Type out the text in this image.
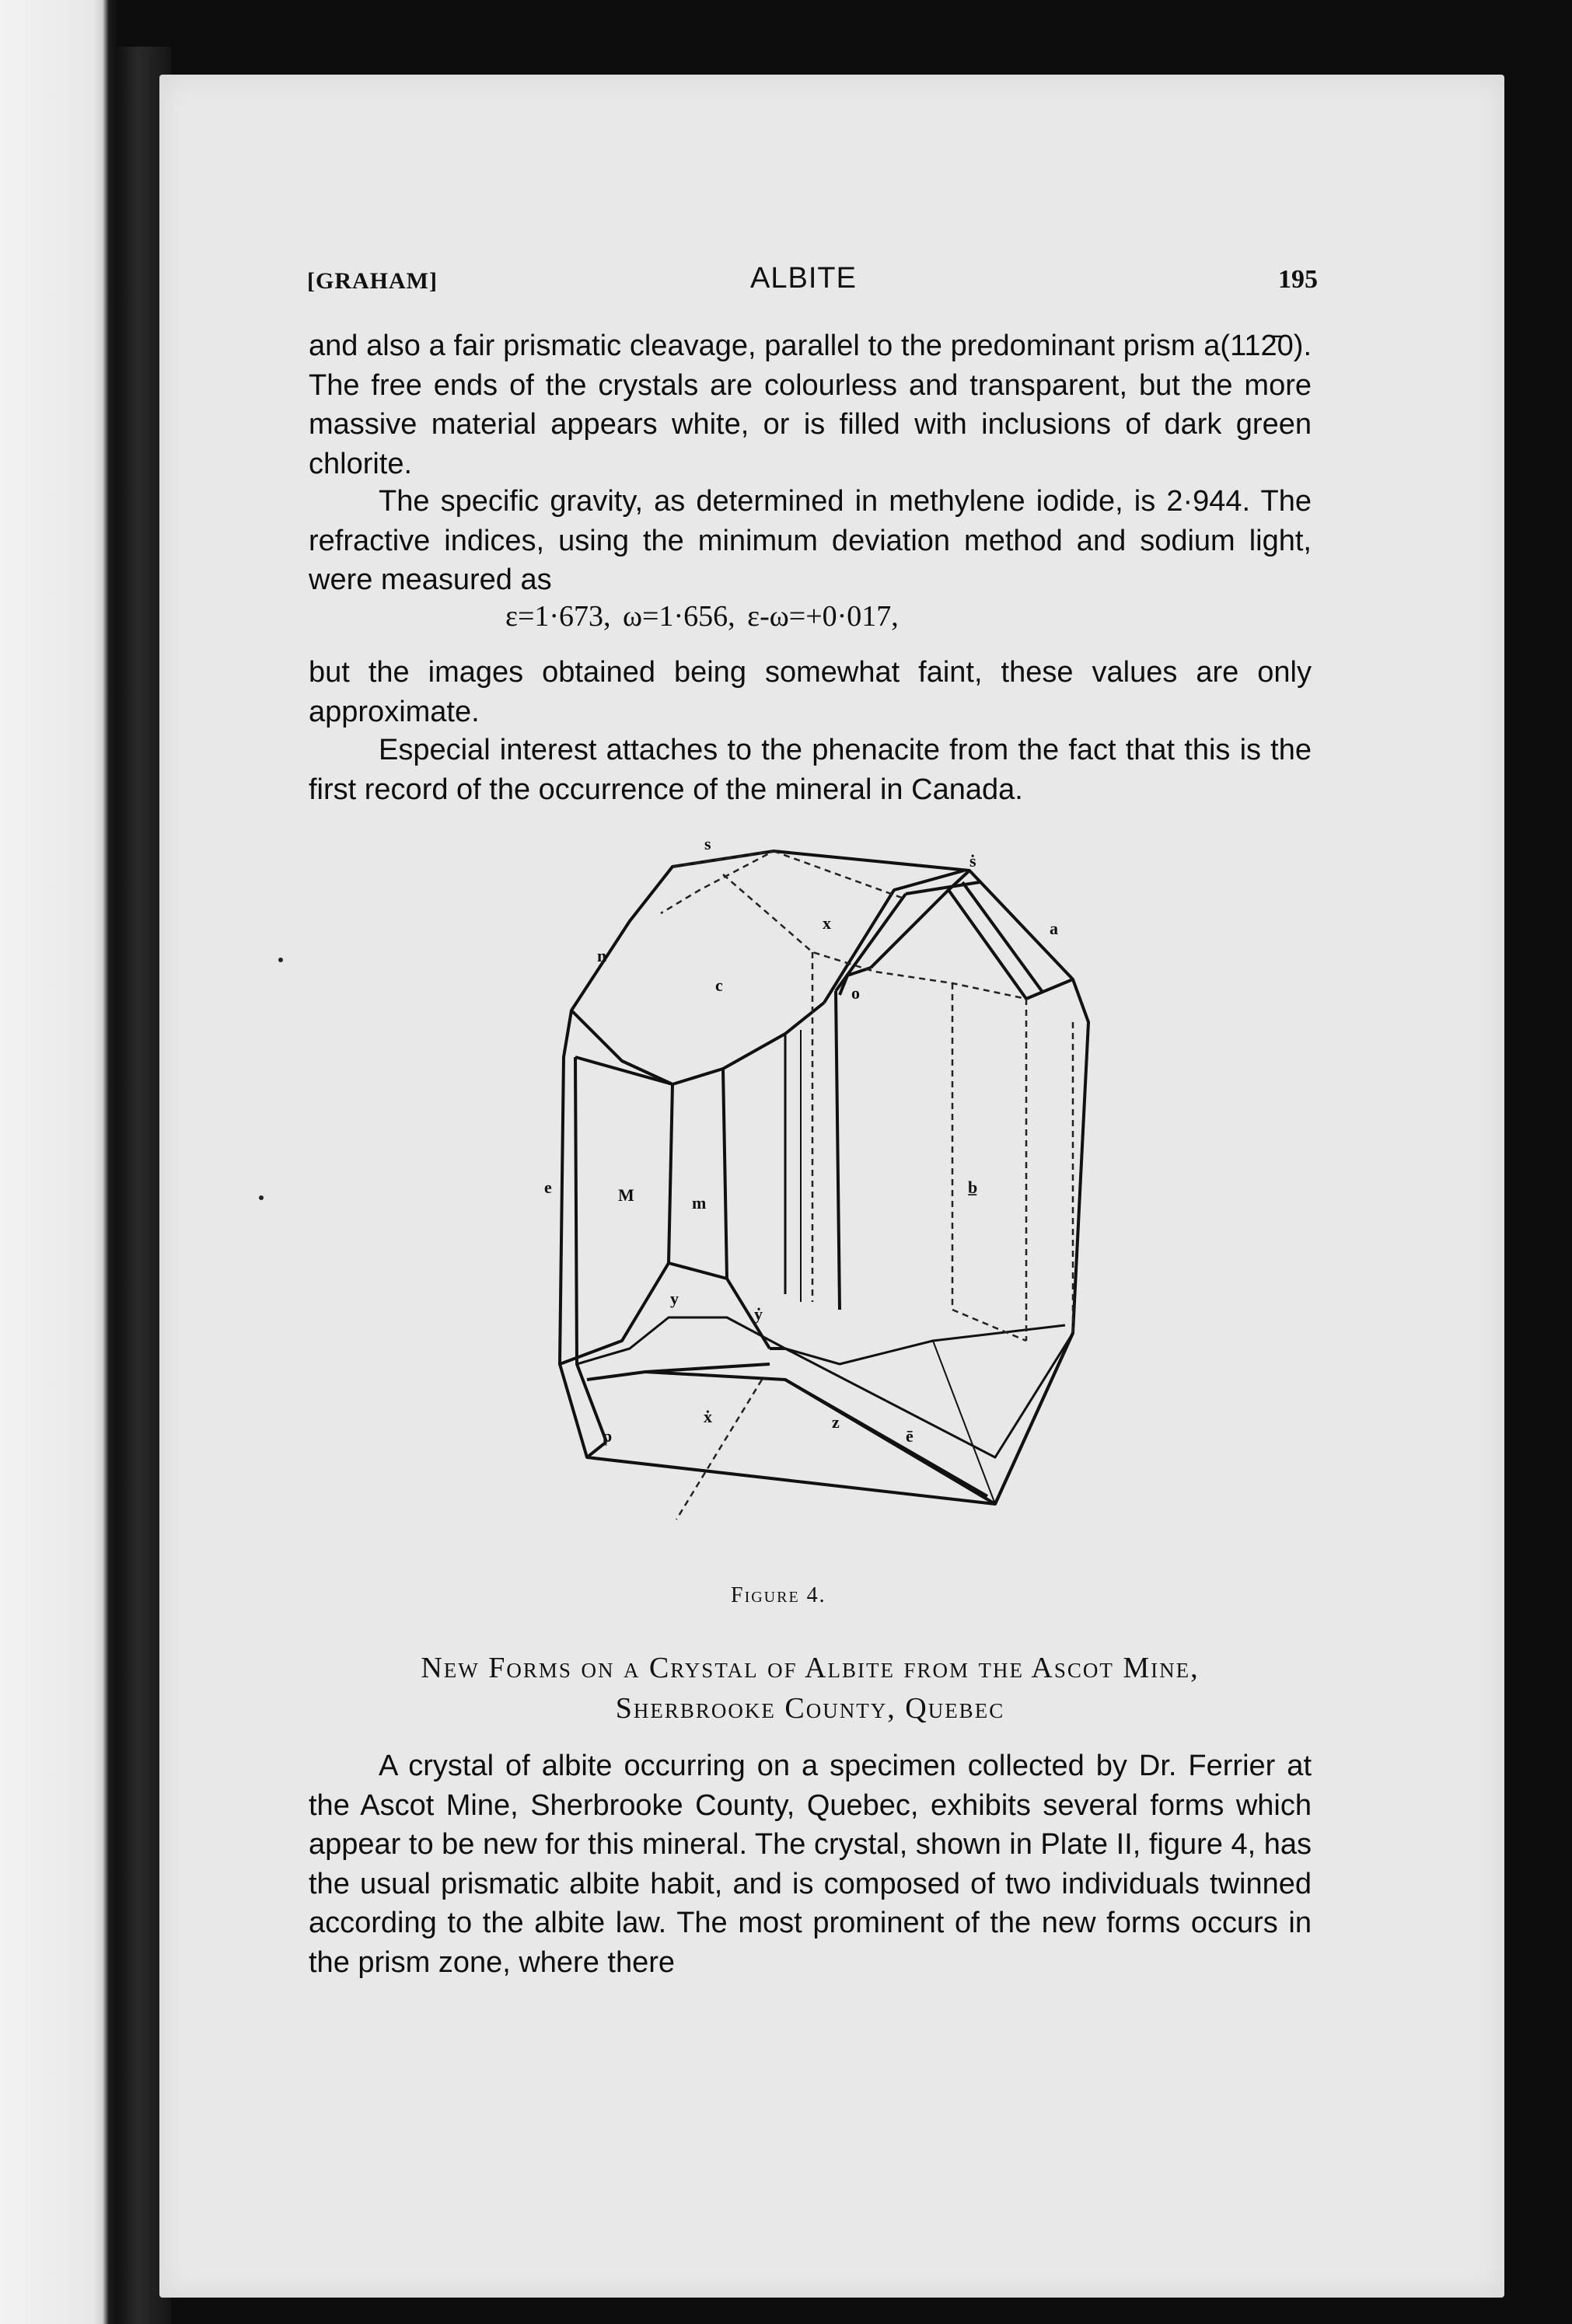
[GRAHAM]	ALBITE	195
and also a fair prismatic cleavage, parallel to the predominant prism a(112̄0). The free ends of the crystals are colourless and transparent, but the more massive material appears white, or is filled with inclusions of dark green chlorite.
The specific gravity, as determined in methylene iodide, is 2·944. The refractive indices, using the minimum deviation method and sodium light, were measured as
ε=1·673, ω=1·656, ε-ω=+0·017,
but the images obtained being somewhat faint, these values are only approximate.
Especial interest attaches to the phenacite from the fact that this is the first record of the occurrence of the mineral in Canada.
s
n
c
x
ṡ
o
b̲
M	m
y
ẏ
p
z
e
a
ē
ẋ
Figure 4.
New Forms on a Crystal of Albite from the Ascot Mine,
Sherbrooke County, Quebec
A crystal of albite occurring on a specimen collected by Dr. Ferrier at the Ascot Mine, Sherbrooke County, Quebec, exhibits several forms which appear to be new for this mineral. The crystal, shown in Plate II, figure 4, has the usual prismatic albite habit, and is composed of two individuals twinned according to the albite law. The most prominent of the new forms occurs in the prism zone, where there
